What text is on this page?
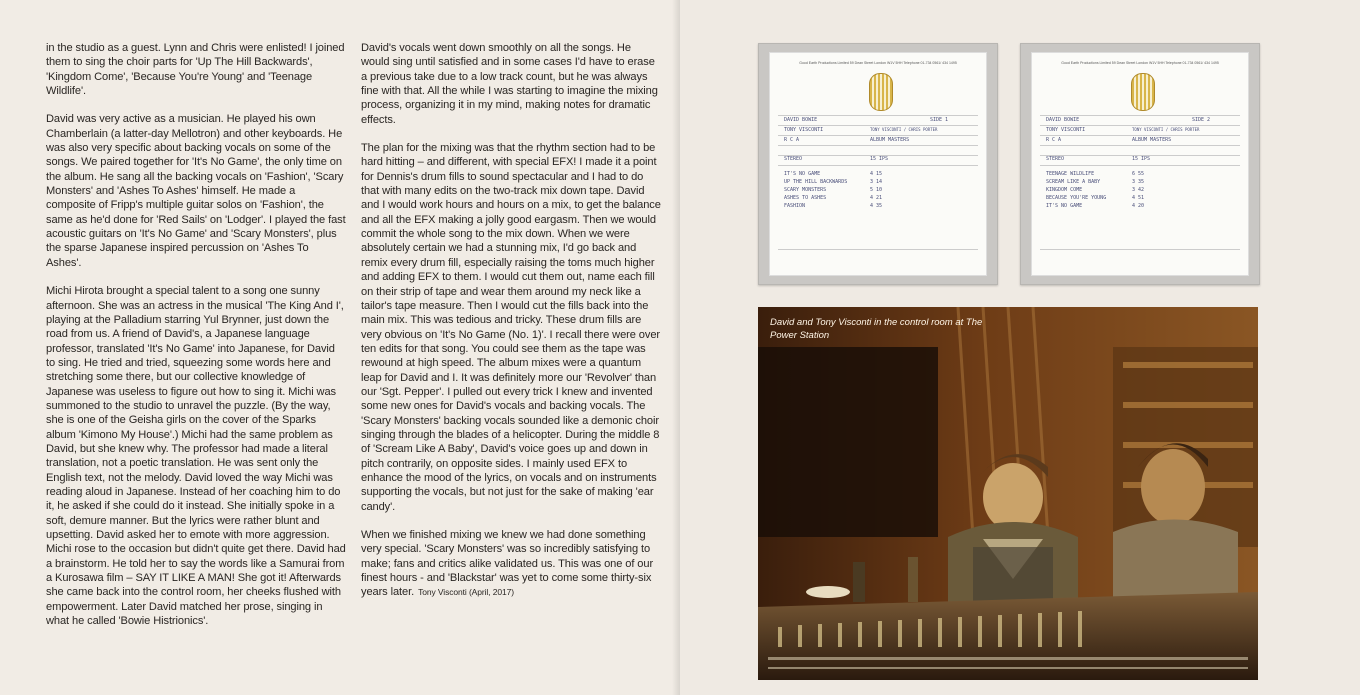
in the studio as a guest. Lynn and Chris were enlisted! I joined them to sing the choir parts for 'Up The Hill Backwards', 'Kingdom Come', 'Because You're Young' and 'Teenage Wildlife'.

David was very active as a musician. He played his own Chamberlain (a latter-day Mellotron) and other keyboards. He was also very specific about backing vocals on some of the songs. We paired together for 'It's No Game', the only time on the album. He sang all the backing vocals on 'Fashion', 'Scary Monsters' and 'Ashes To Ashes' himself. He made a composite of Fripp's multiple guitar solos on 'Fashion', the same as he'd done for 'Red Sails' on 'Lodger'. I played the fast acoustic guitars on 'It's No Game' and 'Scary Monsters', plus the sparse Japanese inspired percussion on 'Ashes To Ashes'.

Michi Hirota brought a special talent to a song one sunny afternoon. She was an actress in the musical 'The King And I', playing at the Palladium starring Yul Brynner, just down the road from us. A friend of David's, a Japanese language professor, translated 'It's No Game' into Japanese, for David to sing. He tried and tried, squeezing some words here and stretching some there, but our collective knowledge of Japanese was useless to figure out how to sing it. Michi was summoned to the studio to unravel the puzzle. (By the way, she is one of the Geisha girls on the cover of the Sparks album 'Kimono My House'.) Michi had the same problem as David, but she knew why. The professor had made a literal translation, not a poetic translation. He was sent only the English text, not the melody. David loved the way Michi was reading aloud in Japanese. Instead of her coaching him to do it, he asked if she could do it instead. She initially spoke in a soft, demure manner. But the lyrics were rather blunt and upsetting. David asked her to emote with more aggression. Michi rose to the occasion but didn't quite get there. David had a brainstorm. He told her to say the words like a Samurai from a Kurosawa film – SAY IT LIKE A MAN! She got it! Afterwards she came back into the control room, her cheeks flushed with empowerment. Later David matched her prose, singing in what he called 'Bowie Histrionics'.

David's vocals went down smoothly on all the songs. He would sing until satisfied and in some cases I'd have to erase a previous take due to a low track count, but he was always fine with that. All the while I was starting to imagine the mixing process, organizing it in my mind, making notes for dramatic effects.

The plan for the mixing was that the rhythm section had to be hard hitting – and different, with special EFX! I made it a point for Dennis's drum fills to sound spectacular and I had to do that with many edits on the two-track mix down tape. David and I would work hours and hours on a mix, to get the balance and all the EFX making a jolly good eargasm. Then we would commit the whole song to the mix down. When we were absolutely certain we had a stunning mix, I'd go back and remix every drum fill, especially raising the toms much higher and adding EFX to them. I would cut them out, name each fill on their strip of tape and wear them around my neck like a tailor's tape measure. Then I would cut the fills back into the main mix. This was tedious and tricky. These drum fills are very obvious on 'It's No Game (No. 1)'. I recall there were over ten edits for that song. You could see them as the tape was rewound at high speed. The album mixes were a quantum leap for David and I. It was definitely more our 'Revolver' than our 'Sgt. Pepper'. I pulled out every trick I knew and invented some new ones for David's vocals and backing vocals. The 'Scary Monsters' backing vocals sounded like a demonic choir singing through the blades of a helicopter. During the middle 8 of 'Scream Like A Baby', David's voice goes up and down in pitch contrarily, on opposite sides. I mainly used EFX to enhance the mood of the lyrics, on vocals and on instruments supporting the vocals, but not just for the sake of making 'ear candy'.

When we finished mixing we knew we had done something very special. 'Scary Monsters' was so incredibly satisfying to make; fans and critics alike validated us. This was one of our finest hours - and 'Blackstar' was yet to come some thirty-six years later. Tony Visconti (April, 2017)

Good Earth Productions Limited 59 Dean Street London W1V 5HH Telephone 01-734 0561/ 434 1495
DAVID BOWIE	SIDE 1
TONY VISCONTI	TONY VISCONTI / CHRIS PORTER
R C A	ALBUM MASTERS
STEREO	15 IPS
IT'S NO GAME	4 15
UP THE HILL BACKWARDS	3 14
SCARY MONSTERS	5 10
ASHES TO ASHES	4 21
FASHION	4 35
Good Earth Productions Limited 59 Dean Street London W1V 5HH Telephone 01-734 0561/ 434 1495
DAVID BOWIE	SIDE 2
TONY VISCONTI	TONY VISCONTI / CHRIS PORTER
R C A	ALBUM MASTERS
STEREO	15 IPS
TEENAGE WILDLIFE	6 55
SCREAM LIKE A BABY	3 35
KINGDOM COME	3 42
BECAUSE YOU'RE YOUNG	4 51
IT'S NO GAME	4 20
David and Tony Visconti in the control room at The Power Station
